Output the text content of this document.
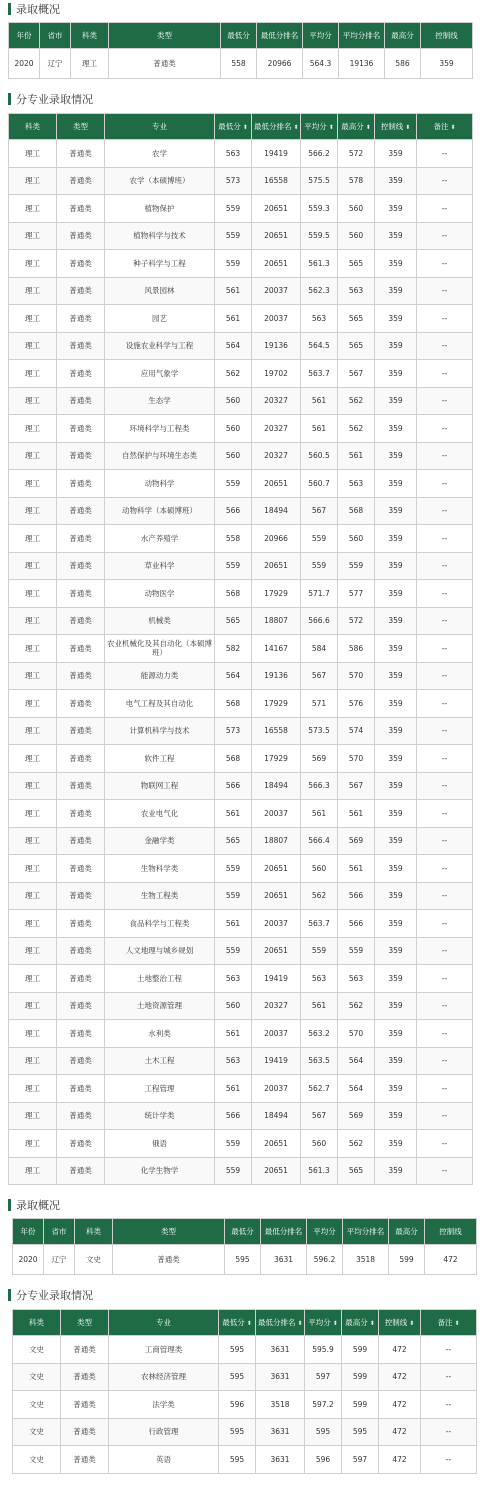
录取概况
年份	省市	科类	类型	最低分	最低分排名	平均分	平均分排名	最高分	控制线
2020	辽宁	理工	普通类	558	20966	564.3	19136	586	359
分专业录取情况
科类	类型	专业	最低分 ⬍	最低分排名 ⬍	平均分 ⬍	最高分 ⬍	控制线 ⬍	备注 ⬍
理工	普通类	农学	563	19419	566.2	572	359	--
理工	普通类	农学（本硕博班）	573	16558	575.5	578	359	--
理工	普通类	植物保护	559	20651	559.3	560	359	--
理工	普通类	植物科学与技术	559	20651	559.5	560	359	--
理工	普通类	种子科学与工程	559	20651	561.3	565	359	--
理工	普通类	风景园林	561	20037	562.3	563	359	--
理工	普通类	园艺	561	20037	563	565	359	--
理工	普通类	设施农业科学与工程	564	19136	564.5	565	359	--
理工	普通类	应用气象学	562	19702	563.7	567	359	--
理工	普通类	生态学	560	20327	561	562	359	--
理工	普通类	环境科学与工程类	560	20327	561	562	359	--
理工	普通类	自然保护与环境生态类	560	20327	560.5	561	359	--
理工	普通类	动物科学	559	20651	560.7	563	359	--
理工	普通类	动物科学（本硕博班）	566	18494	567	568	359	--
理工	普通类	水产养殖学	558	20966	559	560	359	--
理工	普通类	草业科学	559	20651	559	559	359	--
理工	普通类	动物医学	568	17929	571.7	577	359	--
理工	普通类	机械类	565	18807	566.6	572	359	--
理工	普通类	农业机械化及其自动化（本硕博班）	582	14167	584	586	359	--
理工	普通类	能源动力类	564	19136	567	570	359	--
理工	普通类	电气工程及其自动化	568	17929	571	576	359	--
理工	普通类	计算机科学与技术	573	16558	573.5	574	359	--
理工	普通类	软件工程	568	17929	569	570	359	--
理工	普通类	物联网工程	566	18494	566.3	567	359	--
理工	普通类	农业电气化	561	20037	561	561	359	--
理工	普通类	金融学类	565	18807	566.4	569	359	--
理工	普通类	生物科学类	559	20651	560	561	359	--
理工	普通类	生物工程类	559	20651	562	566	359	--
理工	普通类	食品科学与工程类	561	20037	563.7	566	359	--
理工	普通类	人文地理与城乡规划	559	20651	559	559	359	--
理工	普通类	土地整治工程	563	19419	563	563	359	--
理工	普通类	土地资源管理	560	20327	561	562	359	--
理工	普通类	水利类	561	20037	563.2	570	359	--
理工	普通类	土木工程	563	19419	563.5	564	359	--
理工	普通类	工程管理	561	20037	562.7	564	359	--
理工	普通类	统计学类	566	18494	567	569	359	--
理工	普通类	俄语	559	20651	560	562	359	--
理工	普通类	化学生物学	559	20651	561.3	565	359	--
录取概况
年份	省市	科类	类型	最低分	最低分排名	平均分	平均分排名	最高分	控制线
2020	辽宁	文史	普通类	595	3631	596.2	3518	599	472
分专业录取情况
科类	类型	专业	最低分 ⬍	最低分排名 ⬍	平均分 ⬍	最高分 ⬍	控制线 ⬍	备注 ⬍
文史	普通类	工商管理类	595	3631	595.9	599	472	--
文史	普通类	农林经济管理	595	3631	597	599	472	--
文史	普通类	法学类	596	3518	597.2	599	472	--
文史	普通类	行政管理	595	3631	595	595	472	--
文史	普通类	英语	595	3631	596	597	472	--
